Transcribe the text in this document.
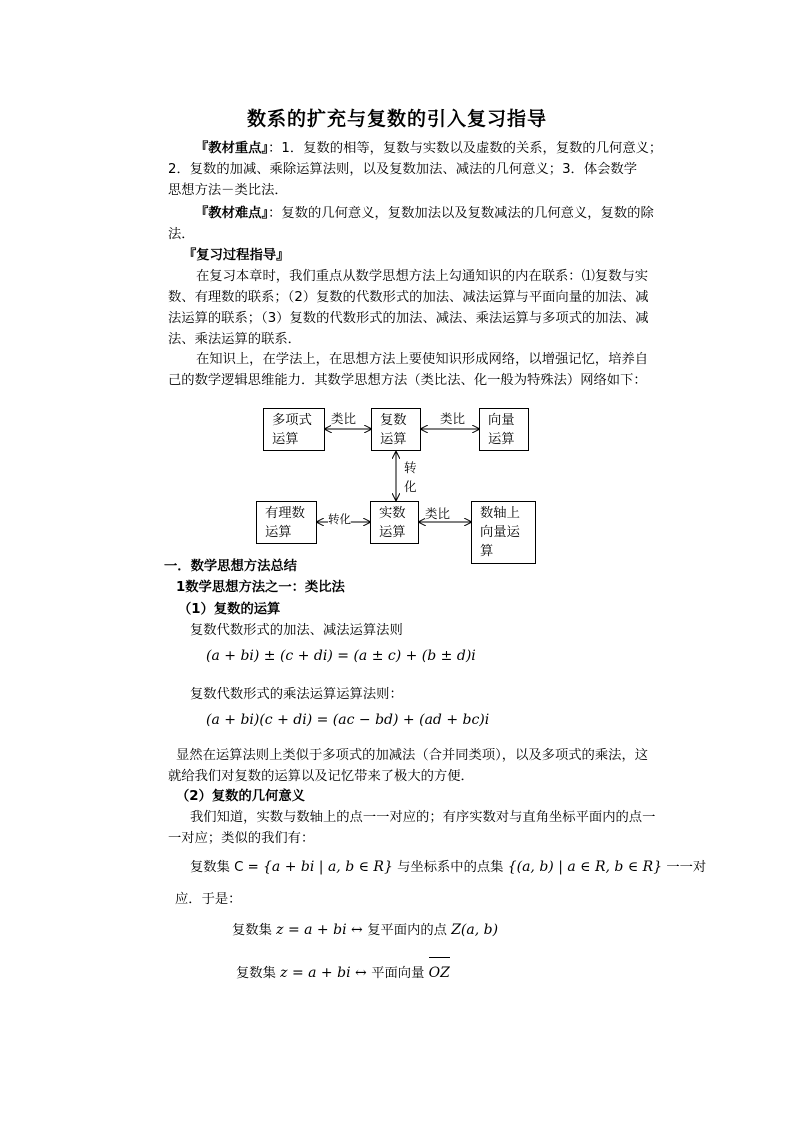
数系的扩充与复数的引入复习指导
『教材重点』：1．复数的相等，复数与实数以及虚数的关系，复数的几何意义；
2．复数的加减、乘除运算法则，以及复数加法、减法的几何意义；3．体会数学
思想方法－类比法．
『教材难点』：复数的几何意义，复数加法以及复数减法的几何意义，复数的除
法．
『复习过程指导』
在复习本章时，我们重点从数学思想方法上勾通知识的内在联系：⑴复数与实
数、有理数的联系；（2）复数的代数形式的加法、减法运算与平面向量的加法、减
法运算的联系；（3）复数的代数形式的加法、减法、乘法运算与多项式的加法、减
法、乘法运算的联系．
在知识上，在学法上，在思想方法上要使知识形成网络，以增强记忆，培养自
己的数学逻辑思维能力．其数学思想方法（类比法、化一般为特殊法）网络如下：
多项式
运算
复数
运算
向量
运算
有理数
运算
实数
运算
数轴上
向量运
算
类比	类比
转
化
转化	类比
一．数学思想方法总结
1数学思想方法之一：类比法
（1）复数的运算
复数代数形式的加法、减法运算法则
(a + bi) ± (c + di) = (a ± c) + (b ± d)i
复数代数形式的乘法运算运算法则：
(a + bi)(c + di) = (ac − bd) + (ad + bc)i
显然在运算法则上类似于多项式的加减法（合并同类项），以及多项式的乘法，这
就给我们对复数的运算以及记忆带来了极大的方便．
（2）复数的几何意义
我们知道，实数与数轴上的点一一对应的；有序实数对与直角坐标平面内的点一
一对应；类似的我们有：
复数集 C = {a + bi | a, b ∈ R} 与坐标系中的点集 {(a, b) | a ∈ R, b ∈ R} 一一对
应．于是：
复数集 z = a + bi ↔ 复平面内的点 Z(a, b)
复数集 z = a + bi ↔ 平面向量
OZ
